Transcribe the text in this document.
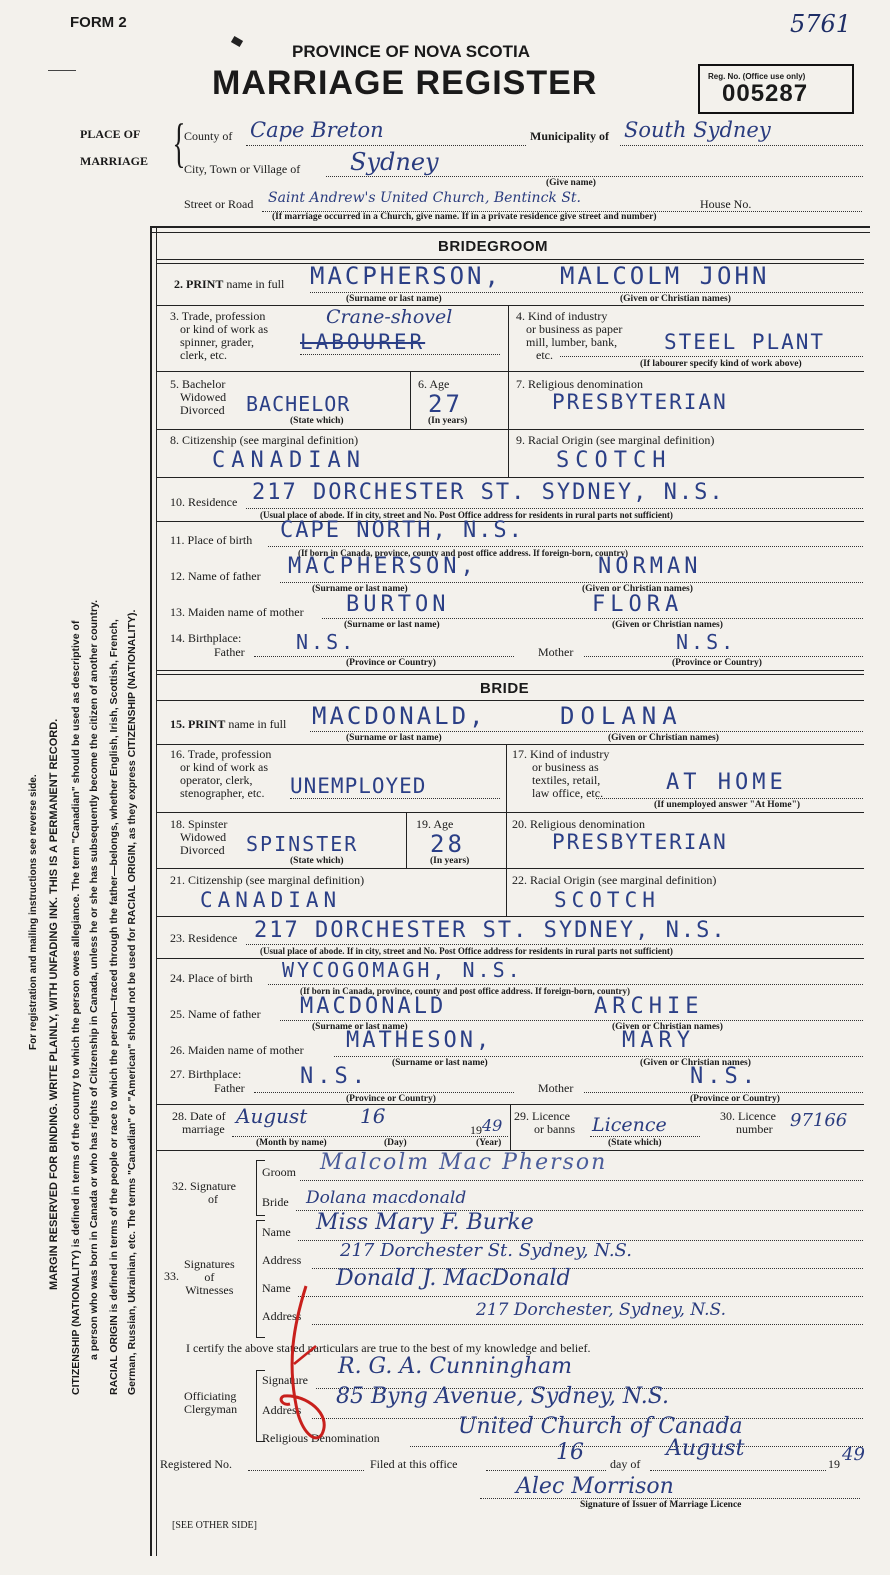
FORM 2	5761
PROVINCE OF NOVA SCOTIA
MARRIAGE REGISTER	Reg. No. (Office use only)
005287
PLACE OF
MARRIAGE {
County of Cape Breton	Municipality of South Sydney
City, Town or Village of Sydney
(Give name)
Street or Road Saint Andrew's United Church, Bentinck St.	House No.
(If marriage occurred in a Church, give name. If in a private residence give street and number)
For registration and mailing instructions see reverse side. MARGIN RESERVED FOR BINDING. WRITE PLAINLY, WITH UNFADING INK. THIS IS A PERMANENT RECORD. CITIZENSHIP (NATIONALITY) is defined in terms of the country to which the person owes allegiance. The term "Canadian" should be used as descriptive of a person who was born in Canada or who has rights of Citizenship in Canada, unless he or she has subsequently become the citizen of another country. RACIAL ORIGIN is defined in terms of the people or race to which the person—traced through the father—belongs, whether English, Irish, Scottish, French, German, Russian, Ukrainian, etc. The terms "Canadian" or "American" should not be used for RACIAL ORIGIN, as they express CITIZENSHIP (NATIONALITY).
BRIDEGROOM
2. PRINT name in full MACPHERSON, MALCOLM JOHN
(Surname or last name)	(Given or Christian names)
3. Trade, profession
or kind of work as
spinner, grader,
clerk, etc.
Crane-shovel
LABOURER
4. Kind of industry
or business as paper
mill, lumber, bank,
etc.
STEEL PLANT
(If labourer specify kind of work above)
5. Bachelor
Widowed
Divorced BACHELOR
(State which)
6. Age
27
(In years)
7. Religious denomination
PRESBYTERIAN
8. Citizenship (see marginal definition)
CANADIAN
9. Racial Origin (see marginal definition)
SCOTCH
10. Residence 217 DORCHESTER ST. SYDNEY, N.S.
(Usual place of abode. If in city, street and No. Post Office address for residents in rural parts not sufficient)
11. Place of birth CAPE NORTH, N.S.
(If born in Canada, province, county and post office address. If foreign-born, country)
12. Name of father MACPHERSON,	NORMAN
(Surname or last name)	(Given or Christian names)
13. Maiden name of mother BURTON	FLORA
(Surname or last name)	(Given or Christian names)
14. Birthplace:
Father	N.S.	Mother	N.S.
(Province or Country)	(Province or Country)
BRIDE
15. PRINT name in full MACDONALD,	DOLANA
(Surname or last name)	(Given or Christian names)
16. Trade, profession
or kind of work as
operator, clerk,
stenographer, etc.	UNEMPLOYED
17. Kind of industry
or business as
textiles, retail,
law office, etc.	AT HOME
(If unemployed answer "At Home")
18. Spinster
Widowed
Divorced SPINSTER
(State which)
19. Age
28
(In years)
20. Religious denomination
PRESBYTERIAN
21. Citizenship (see marginal definition)
CANADIAN
22. Racial Origin (see marginal definition)
SCOTCH
23. Residence 217 DORCHESTER ST. SYDNEY, N.S.
(Usual place of abode. If in city, street and No. Post Office address for residents in rural parts not sufficient)
24. Place of birth WYCOGOMAGH, N.S.
(If born in Canada, province, county and post office address. If foreign-born, country)
25. Name of father MACDONALD	ARCHIE
(Surname or last name)	(Given or Christian names)
26. Maiden name of mother MATHESON,	MARY
(Surname or last name)	(Given or Christian names)
27. Birthplace:
Father	N.S.	Mother	N.S.
(Province or Country)	(Province or Country)
28. Date of
marriage
August	16
19 49
(Month by name)	(Day)	(Year)
29. Licence
or banns Licence
(State which)
30. Licence
number 97166
32. Signature
of
Groom Malcolm Mac Pherson
Bride Dolana macdonald
33.
Signatures
of
Witnesses
Name Miss Mary F. Burke
Address 217 Dorchester St. Sydney, N.S.
Name Donald J. MacDonald
Address	217 Dorchester, Sydney, N.S.
I certify the above stated particulars are true to the best of my knowledge and belief.
Officiating
Clergyman
Signature
R. G. A. Cunningham
Address
85 Byng Avenue, Sydney, N.S.
Religious Denomination	United Church of Canada
Registered No.	Filed at this office	16 day of
August
19 49
Alec Morrison
Signature of Issuer of Marriage Licence
[SEE OTHER SIDE]
